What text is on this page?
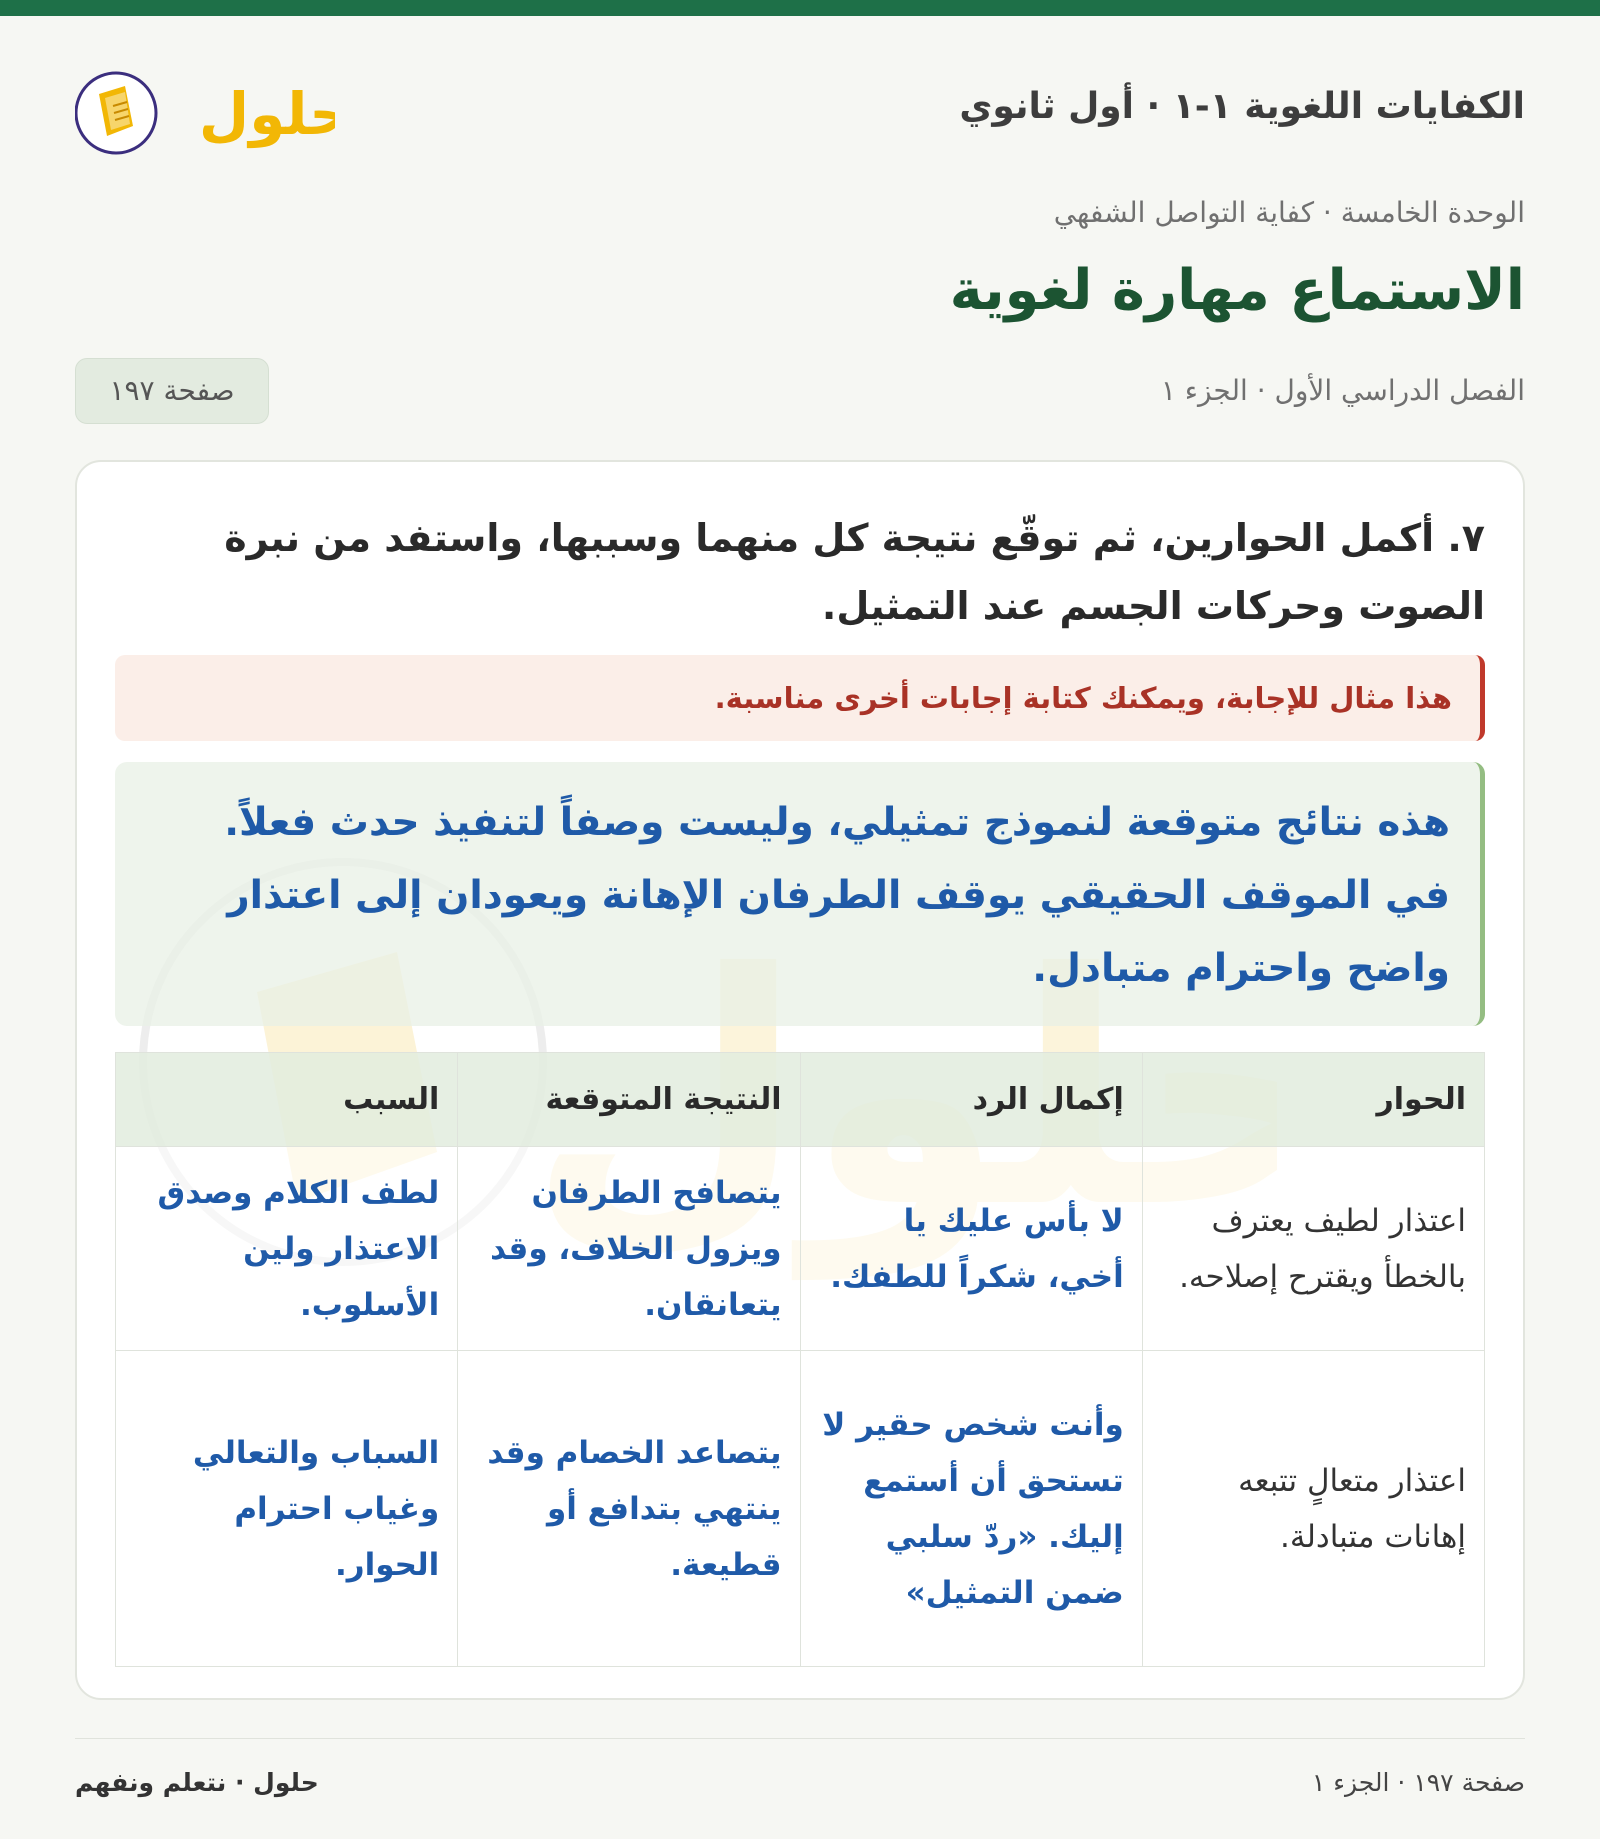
الكفايات اللغوية ١-١ · أول ثانوي
حلول
الوحدة الخامسة · كفاية التواصل الشفهي
الاستماع مهارة لغوية
الفصل الدراسي الأول · الجزء ١
صفحة ١٩٧

٧. أكمل الحوارين، ثم توقّع نتيجة كل منهما وسببها، واستفد من نبرة الصوت وحركات الجسم عند التمثيل.

هذا مثال للإجابة، ويمكنك كتابة إجابات أخرى مناسبة.
هذه نتائج متوقعة لنموذج تمثيلي، وليست وصفاً لتنفيذ حدث فعلاً. في الموقف الحقيقي يوقف الطرفان الإهانة ويعودان إلى اعتذار واضح واحترام متبادل.
الحوار	إكمال الرد	النتيجة المتوقعة	السبب
اعتذار لطيف يعترف بالخطأ ويقترح إصلاحه.	لا بأس عليك يا أخي، شكراً للطفك.	يتصافح الطرفان ويزول الخلاف، وقد يتعانقان.	لطف الكلام وصدق الاعتذار ولين الأسلوب.
اعتذار متعالٍ تتبعه إهانات متبادلة.	وأنت شخص حقير لا تستحق أن أستمع إليك. «ردّ سلبي ضمن التمثيل»	يتصاعد الخصام وقد ينتهي بتدافع أو قطيعة.	السباب والتعالي وغياب احترام الحوار.
صفحة ١٩٧ · الجزء ١
حلول · نتعلم ونفهم
